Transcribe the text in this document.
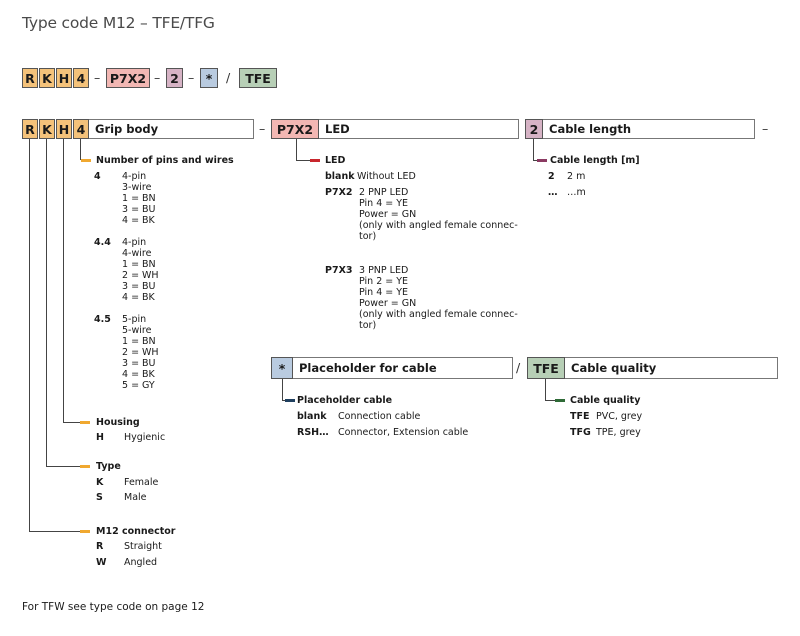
Type code M12 – TFE/TFG
R K H 4 – P7X2 – 2 – *	/	TFE
R K H 4 Grip body	– P7X2	LED	2 Cable length	–
Number of pins and wires
4 4-pin
3-wire
1 = BN
3 = BU
4 = BK
4.4 4-pin
4-wire
1 = BN
2 = WH
3 = BU
4 = BK
4.5 5-pin
5-wire
1 = BN
2 = WH
3 = BU
4 = BK
5 = GY
Housing
H Hygienic
Type
K Female
S Male
M12 connector
R Straight
W Angled
LED
blank Without LED
P7X2 2 PNP LED
Pin 4 = YE
Power = GN
(only with angled female connec-
tor)
P7X3 3 PNP LED
Pin 2 = YE
Pin 4 = YE
Power = GN
(only with angled female connec-
tor)
Cable length [m]
2 2 m
… …m
*	Placeholder for cable	/	TFE	Cable quality
Placeholder cable
blank Connection cable
RSH… Connector, Extension cable
Cable quality
TFE PVC, grey
TFG TPE, grey
For TFW see type code on page 12
